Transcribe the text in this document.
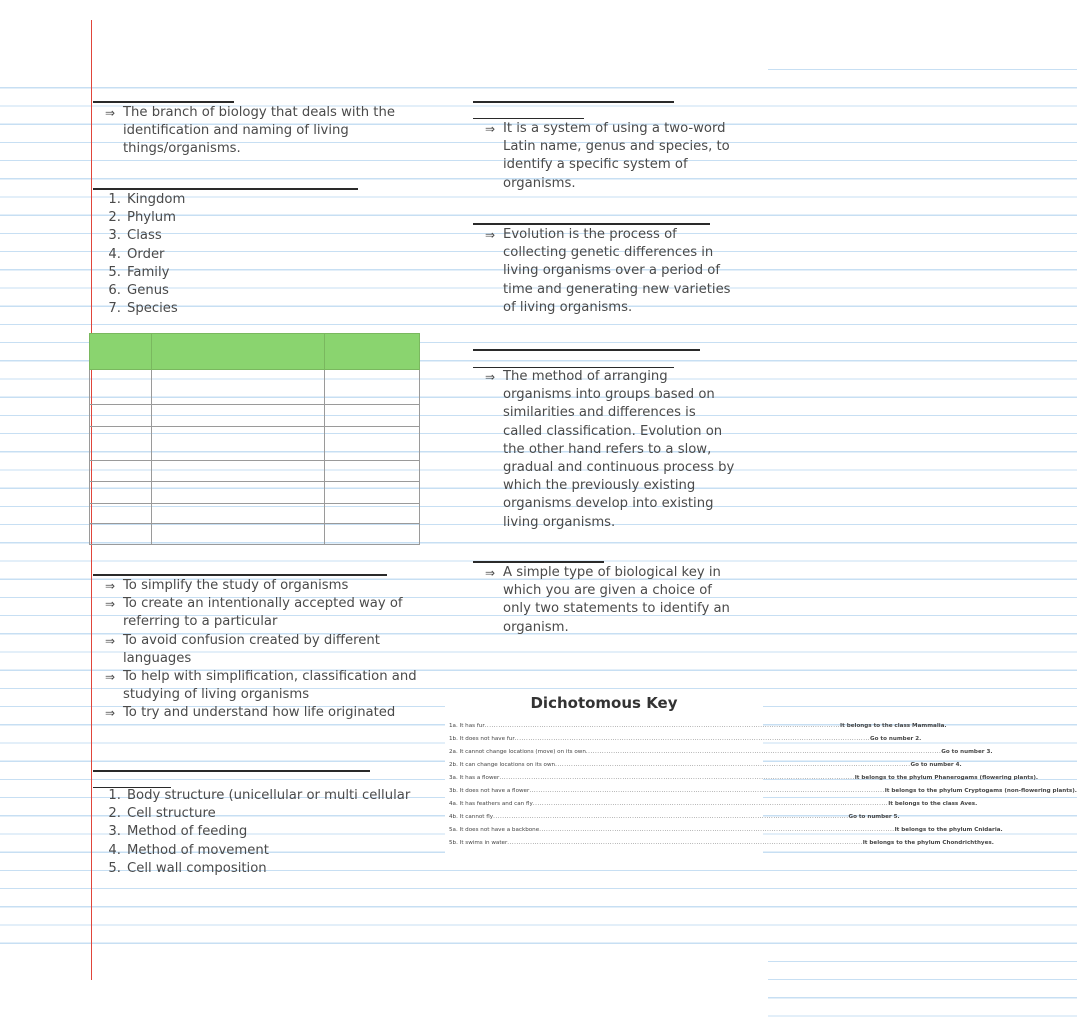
⇒ The branch of biology that deals with the identification and naming of living things/organisms.
1. Kingdom
2. Phylum
3. Class
4. Order
5. Family
6. Genus
7. Species

⇒ To simplify the study of organisms
⇒ To create an intentionally accepted way of referring to a particular
⇒ To avoid confusion created by different languages
⇒ To help with simplification, classification and studying of living organisms
⇒ To try and understand how life originated
1. Body structure (unicellular or multi cellular
2. Cell structure
3. Method of feeding
4. Method of movement
5. Cell wall composition
⇒ It is a system of using a two-word Latin name, genus and species, to identify a specific system of organisms.
⇒ Evolution is the process of collecting genetic differences in living organisms over a period of time and generating new varieties of living organisms.
⇒ The method of arranging organisms into groups based on similarities and differences is called classification. Evolution on the other hand refers to a slow, gradual and continuous process by which the previously existing organisms develop into existing living organisms.
⇒ A simple type of biological key in which you are given a choice of only two statements to identify an organism.
Dichotomous Key
1a. It has fur ............................................................................................................................................................ It belongs to the class Mammalia.
1b. It does not have fur ............................................................................................................................................................ Go to number 2.
2a. It cannot change locations (move) on its own ............................................................................................................................................................ Go to number 3.
2b. It can change locations on its own ............................................................................................................................................................ Go to number 4.
3a. It has a flower ............................................................................................................................................................ It belongs to the phylum Phanerogams (flowering plants).
3b. It does not have a flower ............................................................................................................................................................ It belongs to the phylum Cryptogams (non-flowering plants).
4a. It has feathers and can fly ............................................................................................................................................................ It belongs to the class Aves.
4b. It cannot fly ............................................................................................................................................................ Go to number 5.
5a. It does not have a backbone ............................................................................................................................................................ It belongs to the phylum Cnidaria.
5b. It swims in water ............................................................................................................................................................ It belongs to the phylum Chondrichthyes.
